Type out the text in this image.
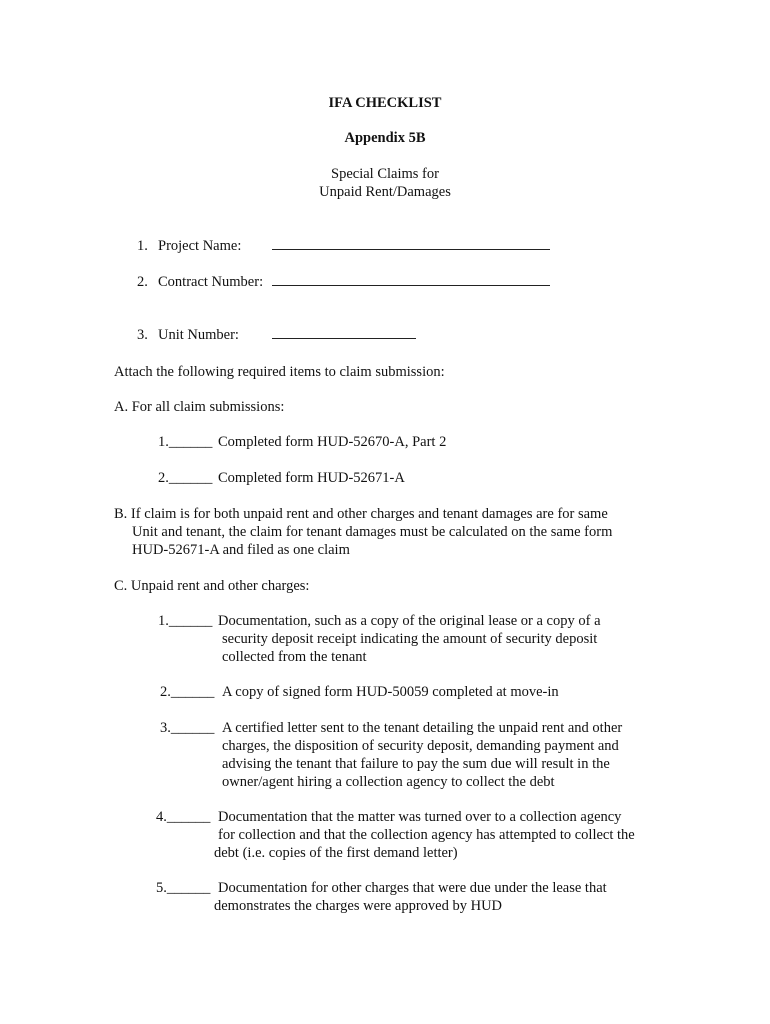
IFA CHECKLIST
Appendix 5B
Special Claims for
Unpaid Rent/Damages
1. Project Name:
2. Contract Number:
3. Unit Number:
Attach the following required items to claim submission:
A. For all claim submissions:
1.______ Completed form HUD-52670-A, Part 2
2.______ Completed form HUD-52671-A
B. If claim is for both unpaid rent and other charges and tenant damages are for same
Unit and tenant, the claim for tenant damages must be calculated on the same form
HUD-52671-A and filed as one claim
C. Unpaid rent and other charges:
1.______ Documentation, such as a copy of the original lease or a copy of a
security deposit receipt indicating the amount of security deposit
collected from the tenant
2.______ A copy of signed form HUD-50059 completed at move-in
3.______ A certified letter sent to the tenant detailing the unpaid rent and other
charges, the disposition of security deposit, demanding payment and
advising the tenant that failure to pay the sum due will result in the
owner/agent hiring a collection agency to collect the debt
4.______ Documentation that the matter was turned over to a collection agency
for collection and that the collection agency has attempted to collect the
debt (i.e. copies of the first demand letter)
5.______ Documentation for other charges that were due under the lease that
demonstrates the charges were approved by HUD
